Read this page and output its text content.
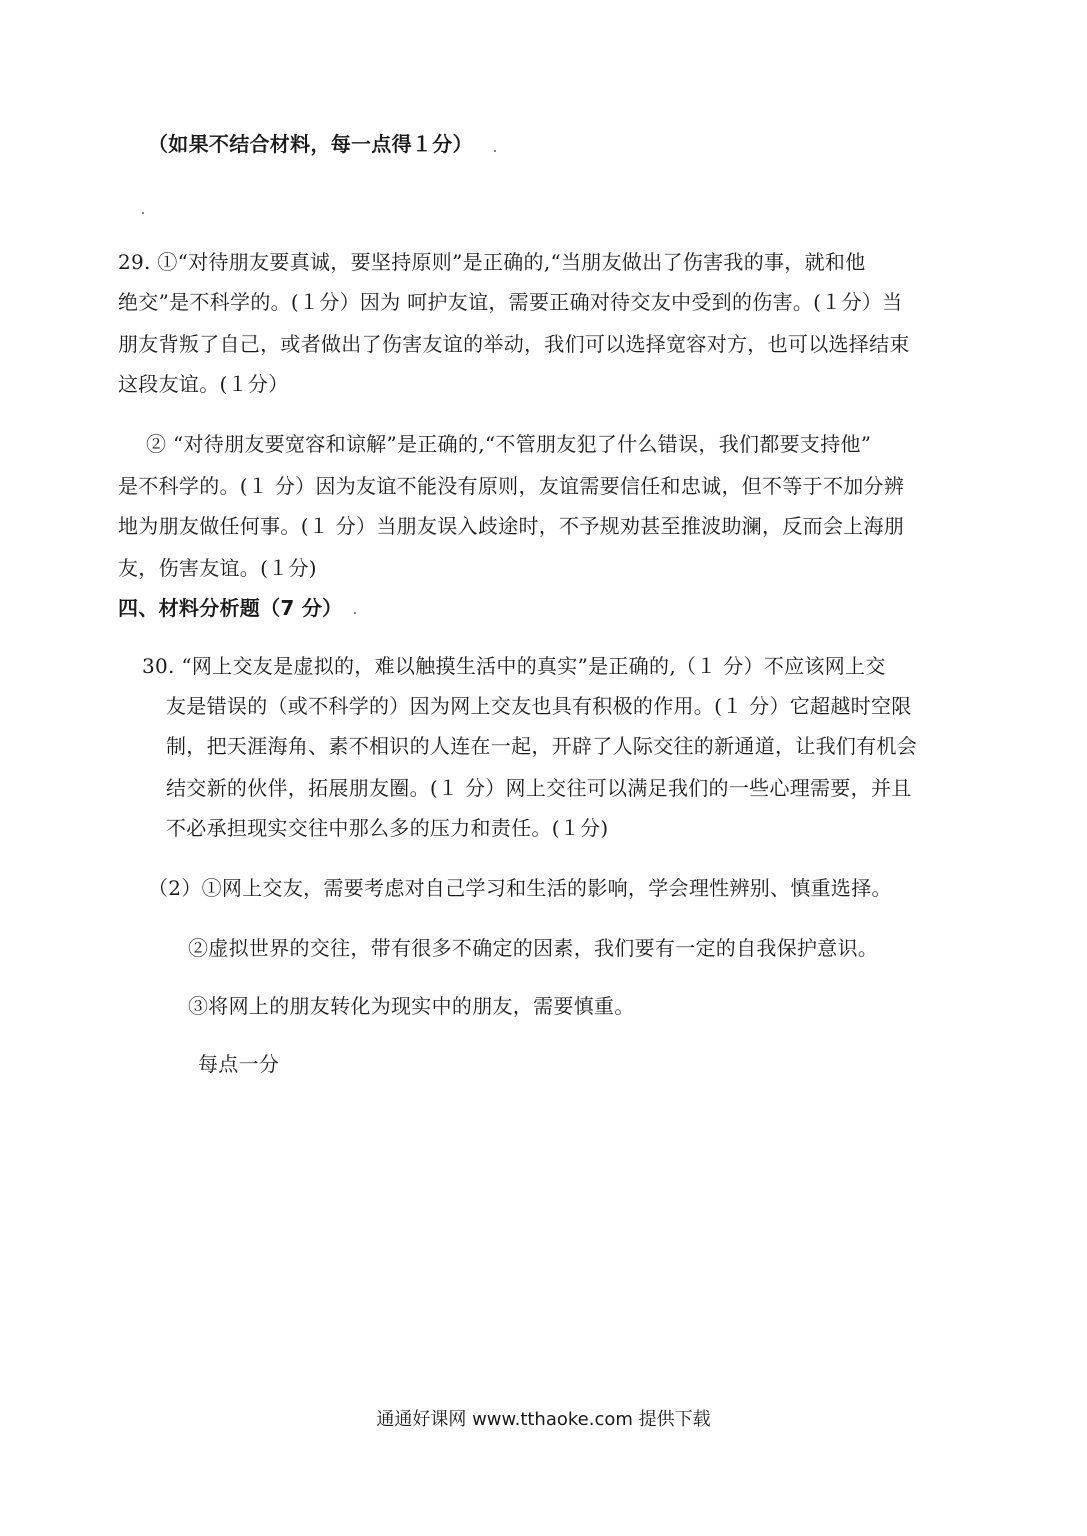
（如果不结合材料，每一点得１分）
29. ①“对待朋友要真诚，要坚持原则”是正确的,“当朋友做出了伤害我的事，就和他
绝交”是不科学的。(１分）因为 呵护友谊，需要正确对待交友中受到的伤害。(１分）当
朋友背叛了自己，或者做出了伤害友谊的举动，我们可以选择宽容对方，也可以选择结束
这段友谊。(１分）
② “对待朋友要宽容和谅解”是正确的,“不管朋友犯了什么错误，我们都要支持他”
是不科学的。(１ 分）因为友谊不能没有原则，友谊需要信任和忠诚，但不等于不加分辨
地为朋友做任何事。(１ 分）当朋友误入歧途时，不予规劝甚至推波助澜，反而会上海朋
友，伤害友谊。(１分)
四、材料分析题（7 分）
30. “网上交友是虚拟的，难以触摸生活中的真实”是正确的,（１ 分）不应该网上交
友是错误的（或不科学的）因为网上交友也具有积极的作用。(１ 分）它超越时空限
制，把天涯海角、素不相识的人连在一起，开辟了人际交往的新通道，让我们有机会
结交新的伙伴，拓展朋友圈。(１ 分）网上交往可以满足我们的一些心理需要，并且
不必承担现实交往中那么多的压力和责任。(１分)
（2）①网上交友，需要考虑对自己学习和生活的影响，学会理性辨别、慎重选择。
②虚拟世界的交往，带有很多不确定的因素，我们要有一定的自我保护意识。
③将网上的朋友转化为现实中的朋友，需要慎重。
每点一分
通通好课网 www.tthaoke.com 提供下载
